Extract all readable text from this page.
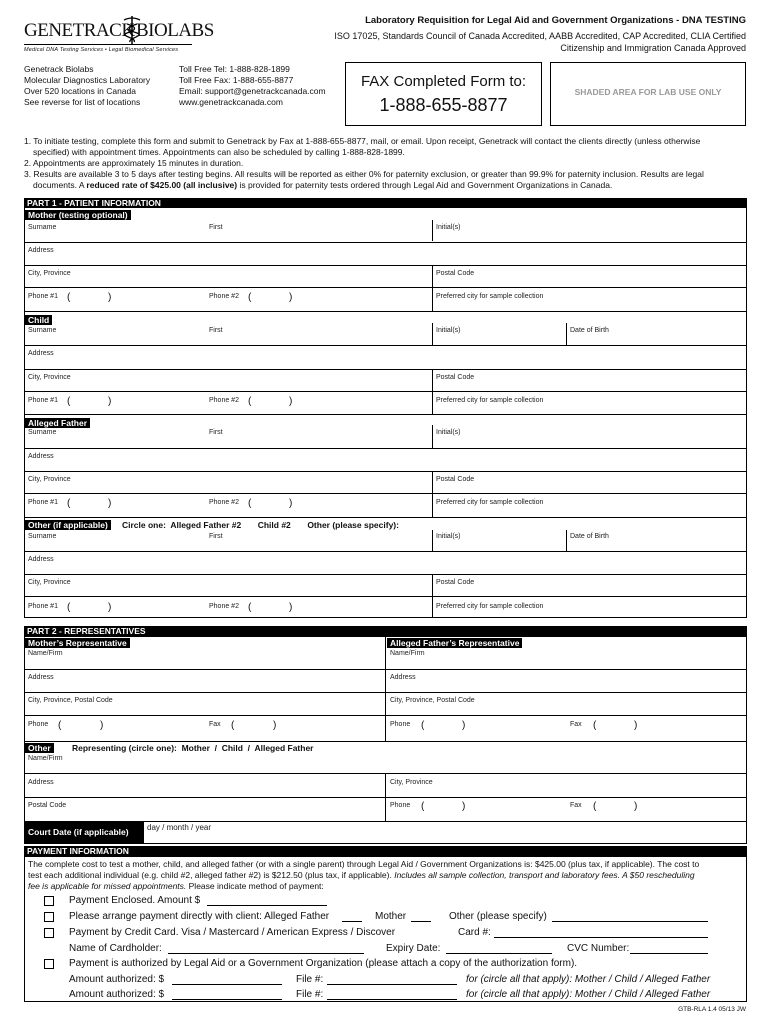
GENETRACK BIOLABS
Medical DNA Testing Services • Legal Biomedical Services
Laboratory Requisition for Legal Aid and Government Organizations - DNA TESTING
ISO 17025, Standards Council of Canada Accredited, AABB Accredited, CAP Accredited, CLIA Certified
Citizenship and Immigration Canada Approved
Genetrack Biolabs
Molecular Diagnostics Laboratory
Over 520 locations in Canada
See reverse for list of locations
Toll Free Tel: 1-888-828-1899
Toll Free Fax: 1-888-655-8877
Email: support@genetrackcanada.com
www.genetrackcanada.com
FAX Completed Form to:
1-888-655-8877
SHADED AREA FOR LAB USE ONLY
1. To initiate testing, complete this form and submit to Genetrack by Fax at 1-888-655-8877, mail, or email. Upon receipt, Genetrack will contact the clients directly (unless otherwise
specified) with appointment times. Appointments can also be scheduled by calling 1-888-828-1899.
2. Appointments are approximately 15 minutes in duration.
3. Results are available 3 to 5 days after testing begins. All results will be reported as either 0% for paternity exclusion, or greater than 99.9% for paternity inclusion. Results are legal
documents. A reduced rate of $425.00 (all inclusive) is provided for paternity tests ordered through Legal Aid and Government Organizations in Canada.
PART 1 - PATIENT INFORMATION
Mother (testing optional)
Surname	First	Initial(s)
Address
City, Province	Postal Code
Phone #1 (	)	Phone #2 (	)	Preferred city for sample collection
Child
Surname	First	Initial(s)	Date of Birth
Address
City, Province	Postal Code
Phone #1 (	)	Phone #2 (	)	Preferred city for sample collection
Alleged Father
Surname	First	Initial(s)
Address
City, Province	Postal Code
Phone #1 (	)	Phone #2 (	)	Preferred city for sample collection
Other (if applicable)	Circle one:  Alleged Father #2       Child #2       Other (please specify):
Surname	First	Initial(s)	Date of Birth
Address
City, Province	Postal Code
Phone #1 (	)	Phone #2 (	)	Preferred city for sample collection
PART 2 - REPRESENTATIVES
Mother’s Representative	Alleged Father’s Representative
Name/Firm	Name/Firm
Address	Address
City, Province, Postal Code	City, Province, Postal Code
Phone (	)	Fax (	)	Phone (	)	Fax (	)
Other	Representing (circle one):  Mother  /  Child  /  Alleged Father
Name/Firm
Address	City, Province
Postal Code	Phone (	)	Fax (	)
Court Date (if applicable)	day / month / year
PAYMENT INFORMATION
The complete cost to test a mother, child, and alleged father (or with a single parent) through Legal Aid / Government Organizations is: $425.00 (plus tax, if applicable). The cost to
test each additional individual (e.g. child #2, alleged father #2) is $212.50 (plus tax, if applicable). Includes all sample collection, transport and laboratory fees. A $50 rescheduling
fee is applicable for missed appointments. Please indicate method of payment:
Payment Enclosed. Amount $
Please arrange payment directly with client: Alleged Father	Mother	Other (please specify)
Payment by Credit Card. Visa / Mastercard / American Express / Discover	Card #:
Name of Cardholder:	Expiry Date:	CVC Number:
Payment is authorized by Legal Aid or a Government Organization (please attach a copy of the authorization form).
Amount authorized: $	File #:	for (circle all that apply): Mother / Child / Alleged Father
Amount authorized: $	File #:	for (circle all that apply): Mother / Child / Alleged Father
GTB-RLA 1.4 05/13 JW
